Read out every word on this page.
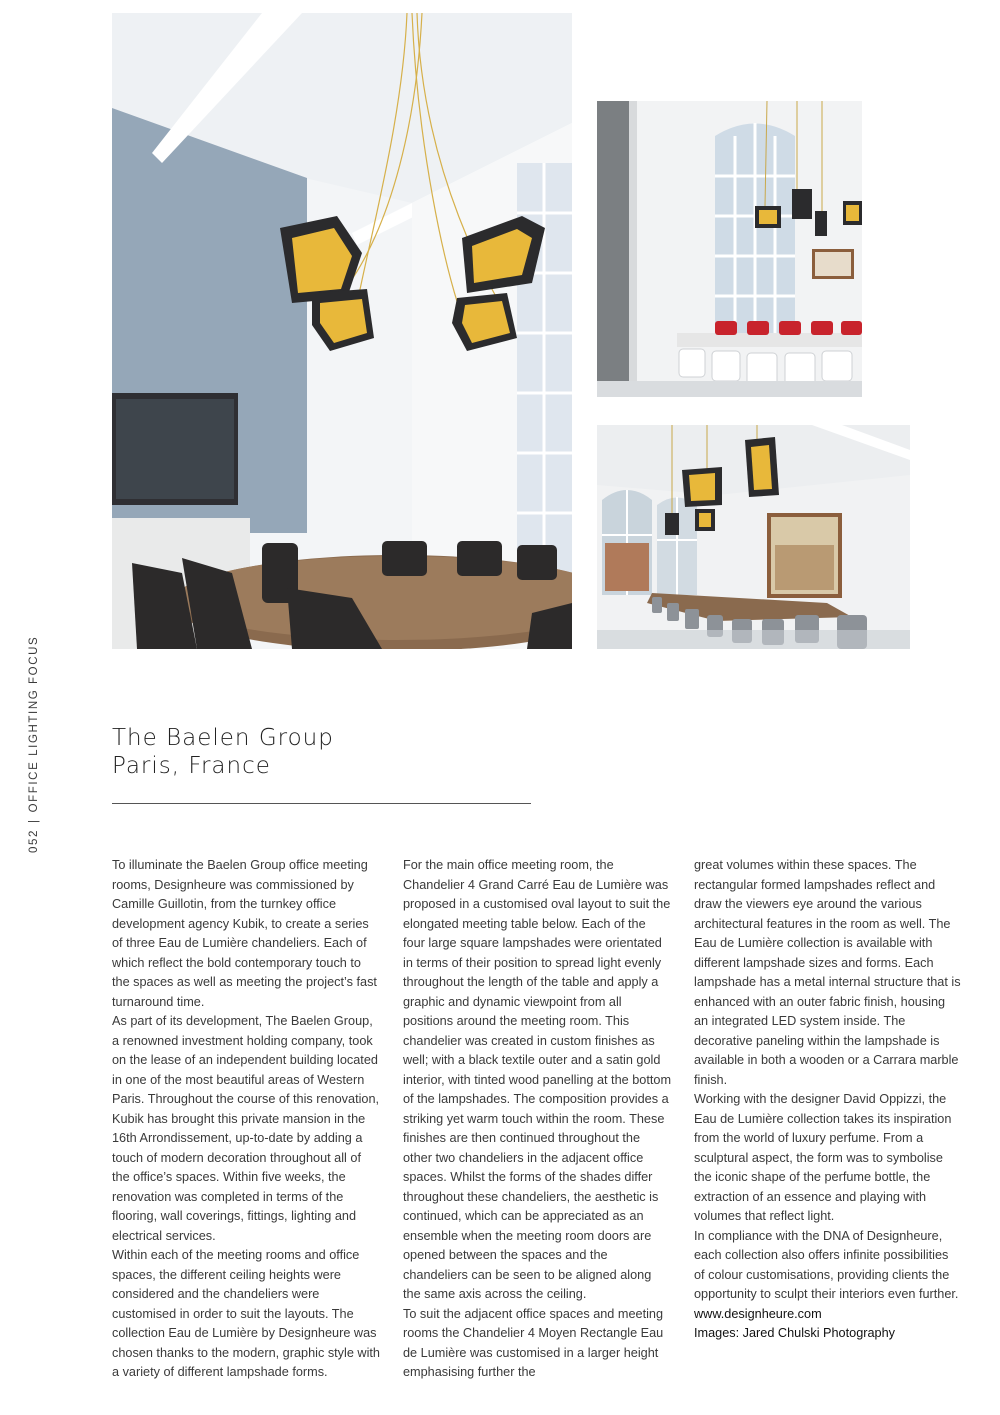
052|OFFICE LIGHTING FOCUS	The Baelen Group
Paris, France

To illuminate the Baelen Group office meeting rooms, Designheure was commissioned by Camille Guillotin, from the turnkey office development agency Kubik, to create a series of three Eau de Lumière chandeliers. Each of which reflect the bold contemporary touch to the spaces as well as meeting the project’s fast turnaround time.

As part of its development, The Baelen Group, a renowned investment holding company, took on the lease of an independent building located in one of the most beautiful areas of Western Paris. Throughout the course of this renovation, Kubik has brought this private mansion in the 16th Arrondissement, up-to-date by adding a touch of modern decoration throughout all of the office’s spaces. Within five weeks, the renovation was completed in terms of the flooring, wall coverings, fittings, lighting and electrical services.

Within each of the meeting rooms and office spaces, the different ceiling heights were considered and the chandeliers were customised in order to suit the layouts. The collection Eau de Lumière by Designheure was chosen thanks to the modern, graphic style with a variety of different lampshade forms.

For the main office meeting room, the Chandelier 4 Grand Carré Eau de Lumière was proposed in a customised oval layout to suit the elongated meeting table below. Each of the four large square lampshades were orientated in terms of their position to spread light evenly throughout the length of the table and apply a graphic and dynamic viewpoint from all positions around the meeting room. This chandelier was created in custom finishes as well; with a black textile outer and a satin gold interior, with tinted wood panelling at the bottom of the lampshades. The composition provides a striking yet warm touch within the room. These finishes are then continued throughout the other two chandeliers in the adjacent office spaces. Whilst the forms of the shades differ throughout these chandeliers, the aesthetic is continued, which can be appreciated as an ensemble when the meeting room doors are opened between the spaces and the chandeliers can be seen to be aligned along the same axis across the ceiling.

To suit the adjacent office spaces and meeting rooms the Chandelier 4 Moyen Rectangle Eau de Lumière was customised in a larger height emphasising further the

great volumes within these spaces. The rectangular formed lampshades reflect and draw the viewers eye around the various architectural features in the room as well. The Eau de Lumière collection is available with different lampshade sizes and forms. Each lampshade has a metal internal structure that is enhanced with an outer fabric finish, housing an integrated LED system inside. The decorative paneling within the lampshade is available in both a wooden or a Carrara marble finish.

Working with the designer David Oppizzi, the Eau de Lumière collection takes its inspiration from the world of luxury perfume. From a sculptural aspect, the form was to symbolise the iconic shape of the perfume bottle, the extraction of an essence and playing with volumes that reflect light.

In compliance with the DNA of Designheure, each collection also offers infinite possibilities of colour customisations, providing clients the opportunity to sculpt their interiors even further.

www.designheure.com

Images: Jared Chulski Photography
